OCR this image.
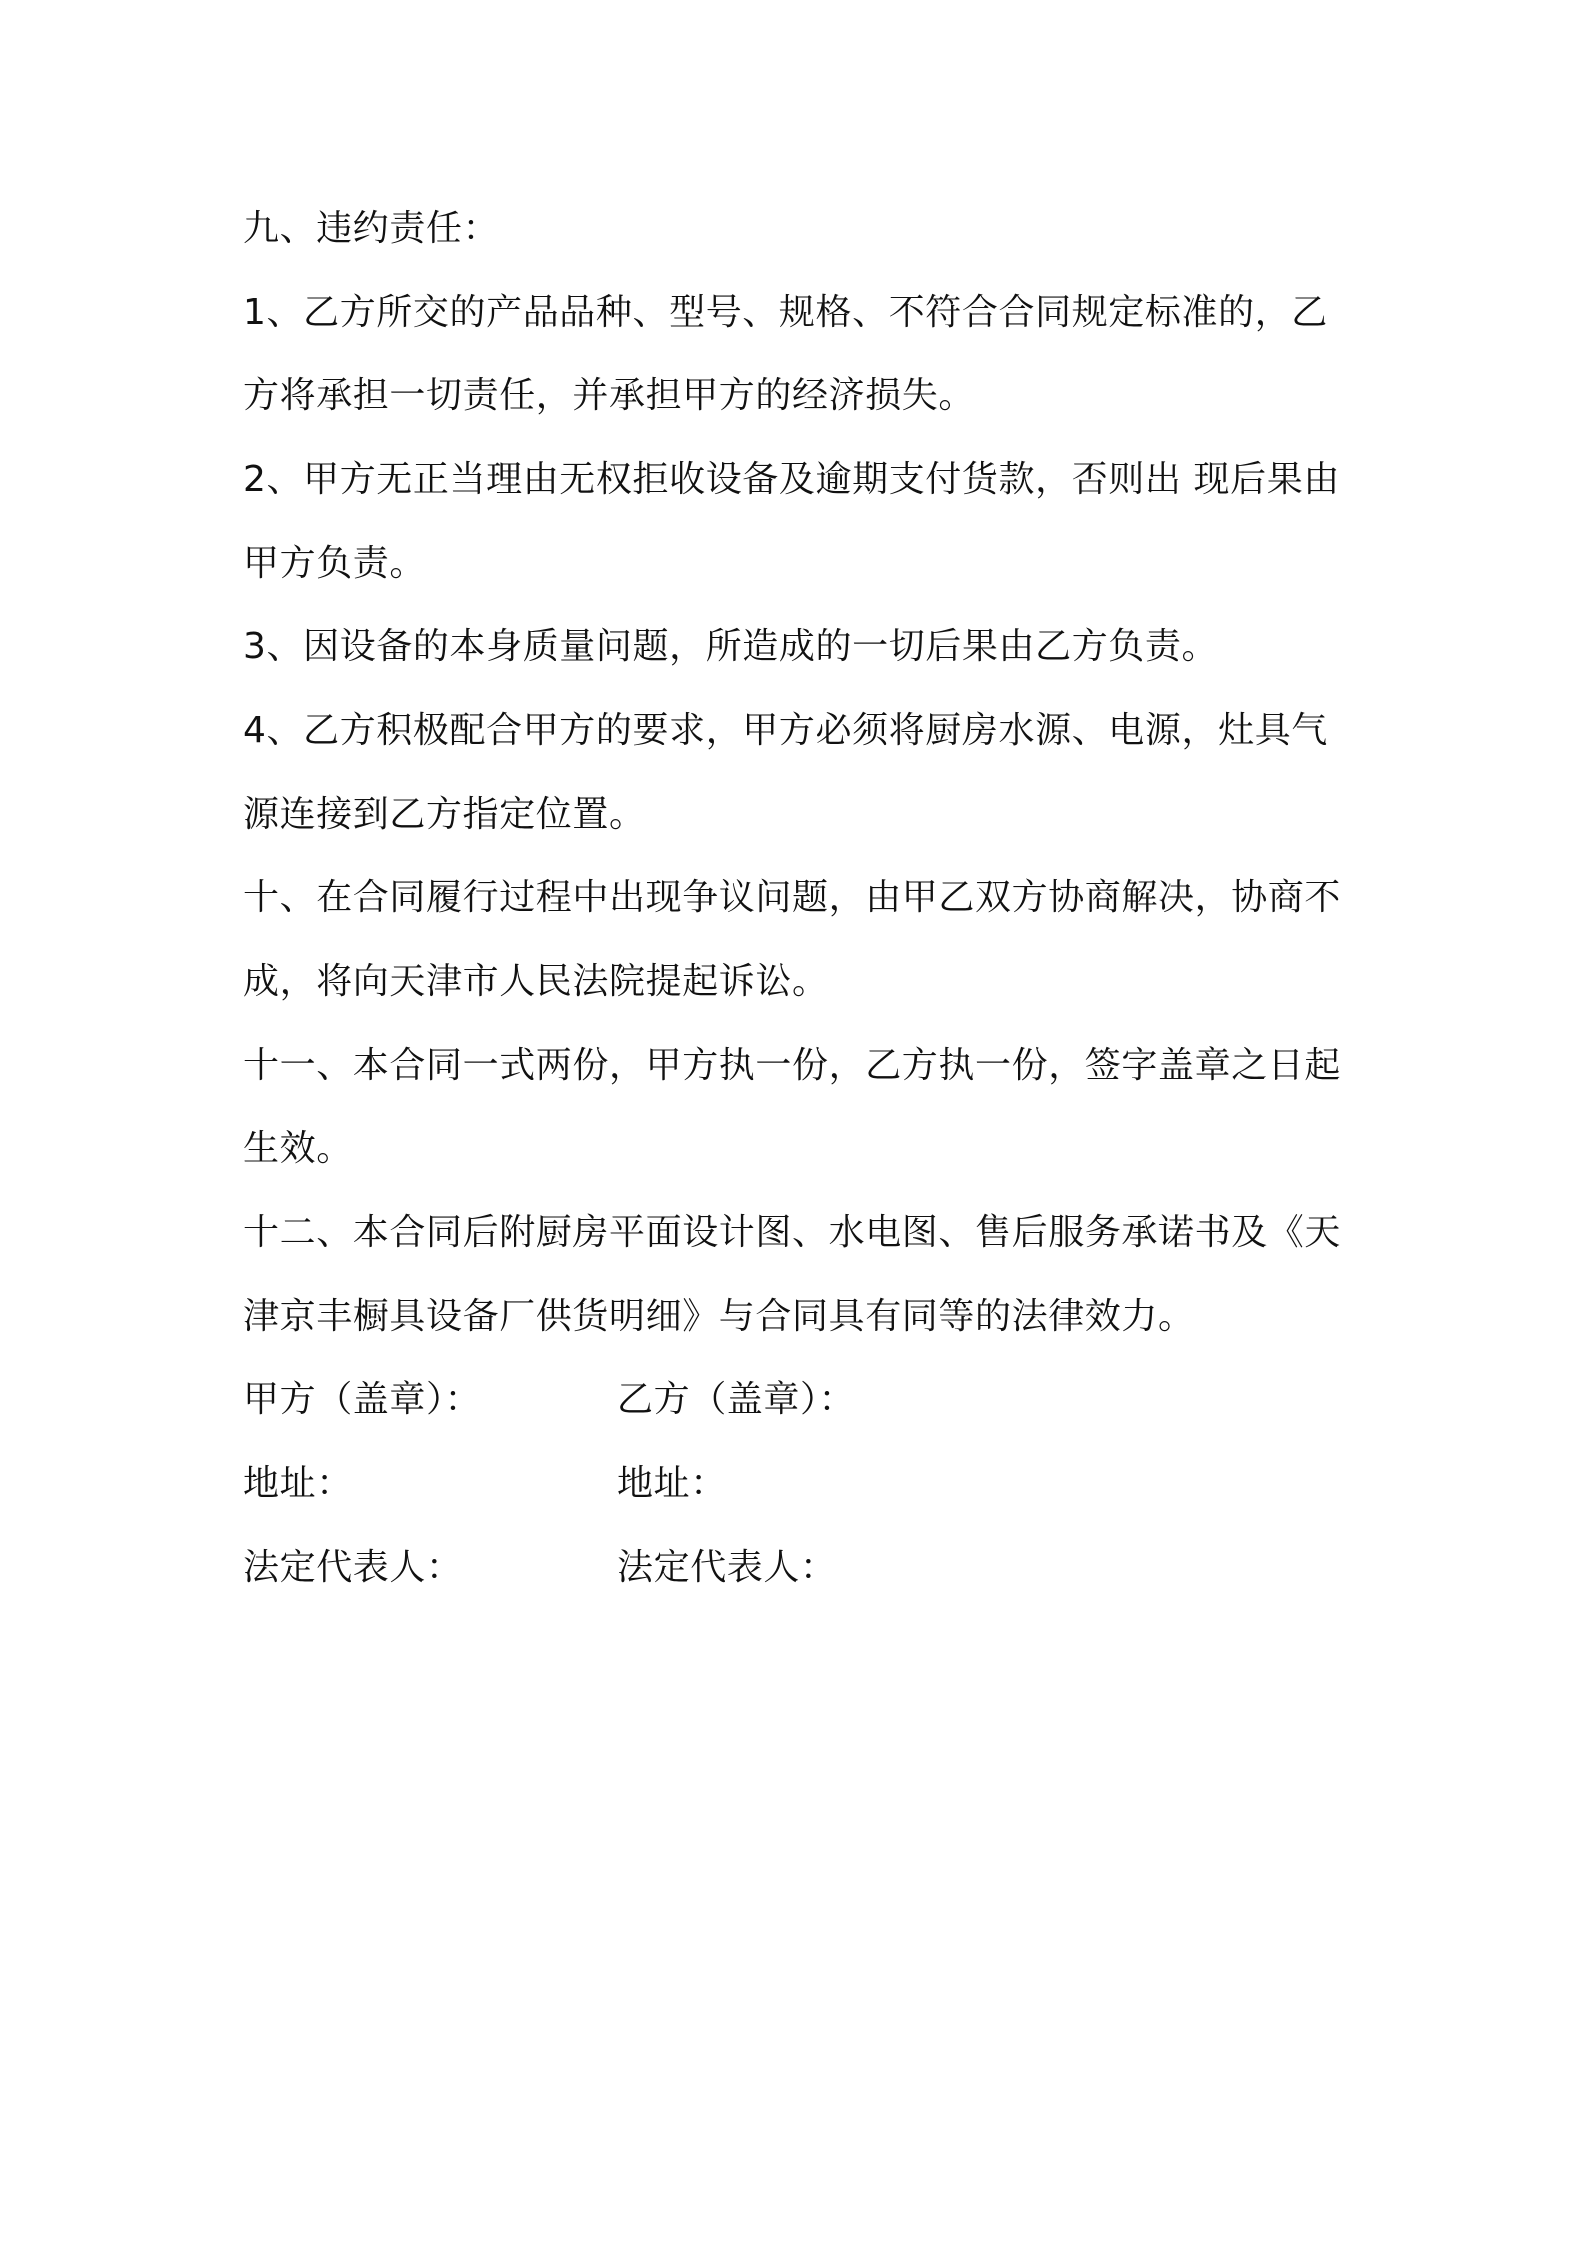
九、违约责任：
1、乙方所交的产品品种、型号、规格、不符合合同规定标准的，乙
方将承担一切责任，并承担甲方的经济损失。
2、甲方无正当理由无权拒收设备及逾期支付货款，否则出 现后果由
甲方负责。
3、因设备的本身质量问题，所造成的一切后果由乙方负责。
4、乙方积极配合甲方的要求，甲方必须将厨房水源、电源，灶具气
源连接到乙方指定位置。
十、在合同履行过程中出现争议问题，由甲乙双方协商解决，协商不
成，将向天津市人民法院提起诉讼。
十一、本合同一式两份，甲方执一份，乙方执一份，签字盖章之日起
生效。
十二、本合同后附厨房平面设计图、水电图、售后服务承诺书及《天
津京丰橱具设备厂供货明细》与合同具有同等的法律效力。
甲方（盖章）：	乙方（盖章）：
地址：	地址：
法定代表人：	法定代表人：
